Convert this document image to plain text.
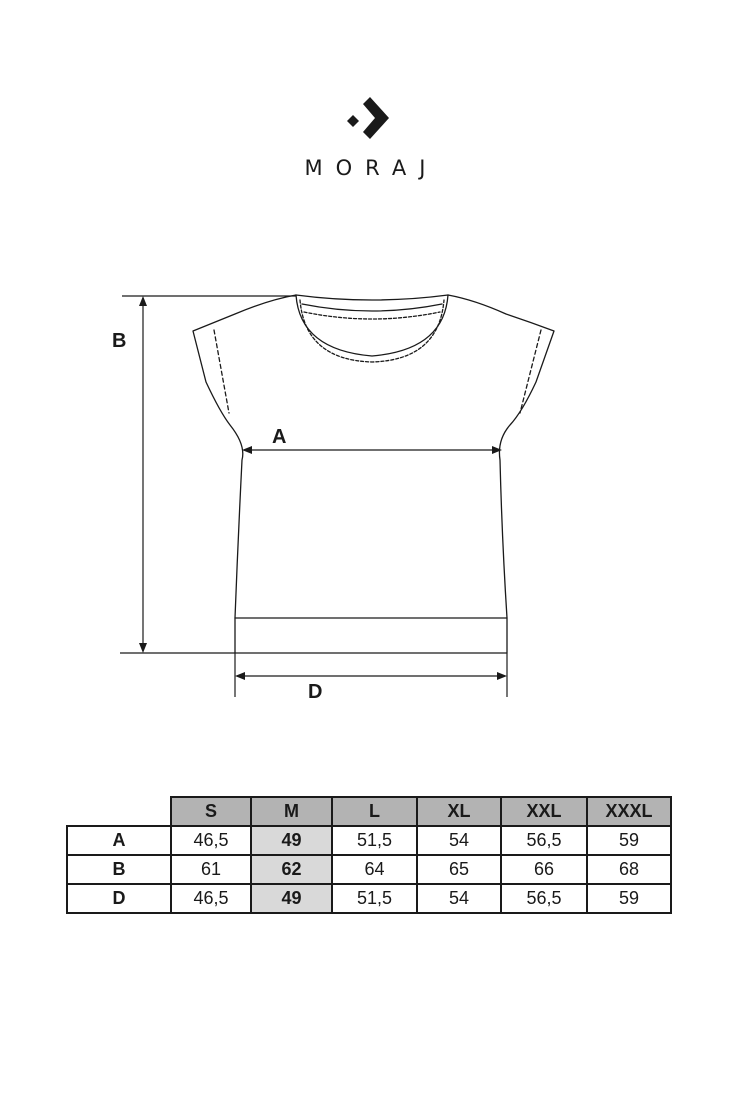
MORAJ
B
A
D
	S	M	L	XL	XXL	XXXL
A	46,5	49	51,5	54	56,5	59
B	61	62	64	65	66	68
D	46,5	49	51,5	54	56,5	59
